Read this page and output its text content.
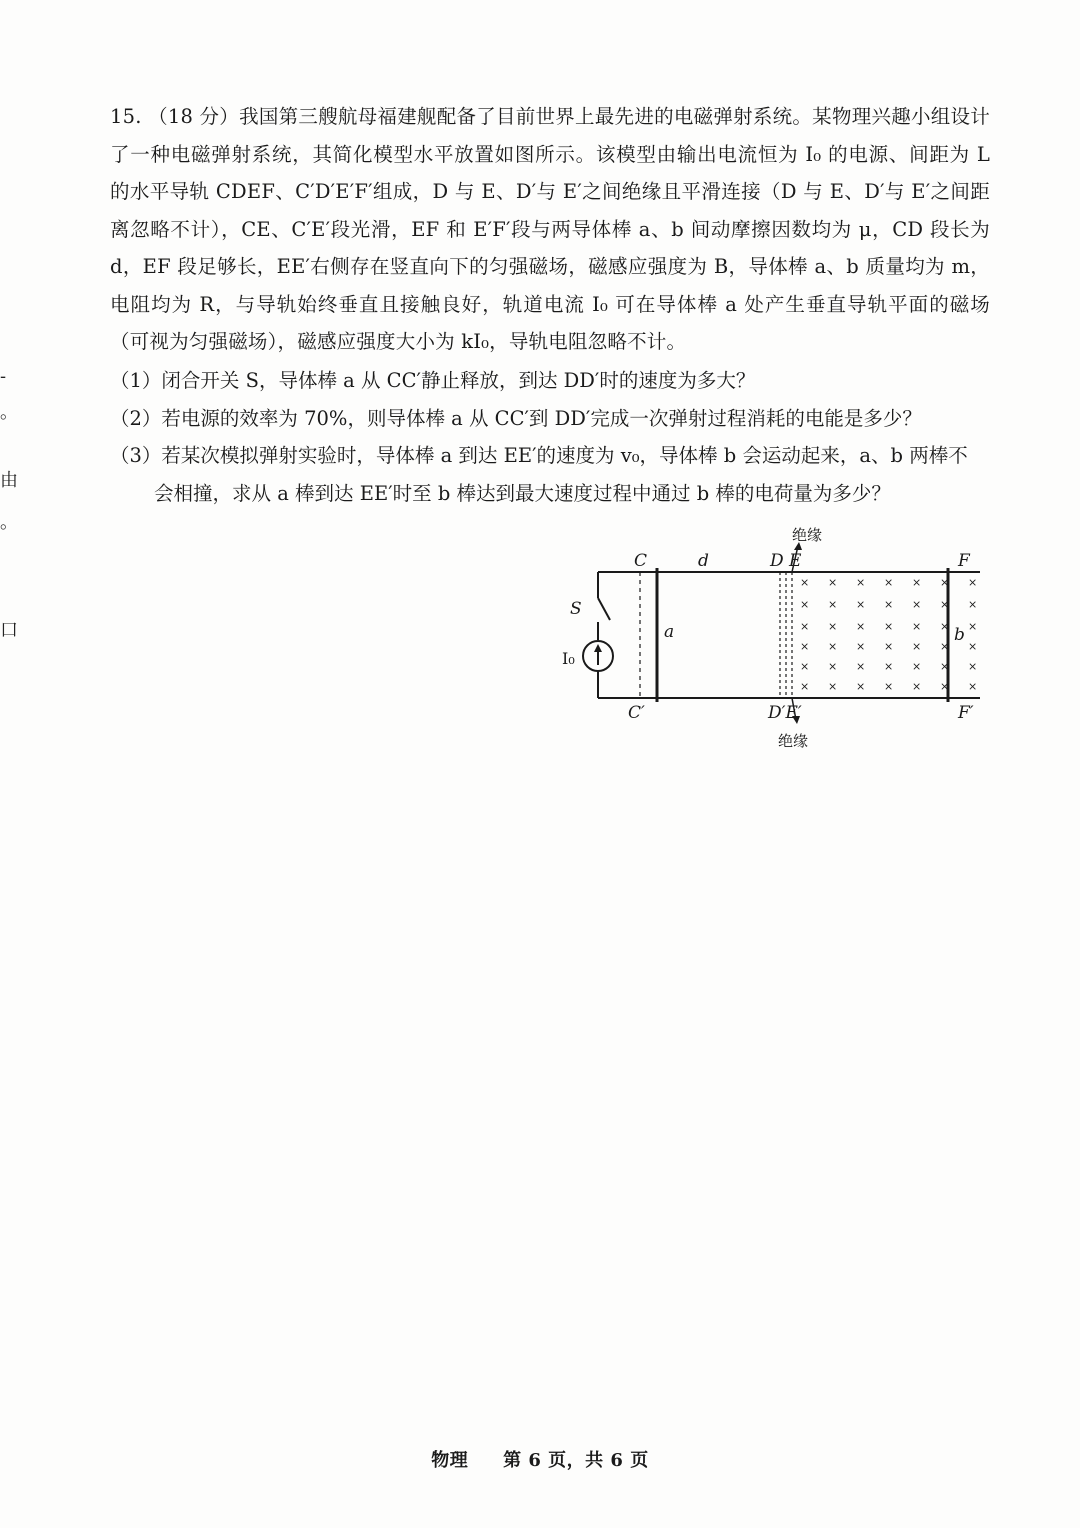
-
。
由
。
口

15. （18 分）我国第三艘航母福建舰配备了目前世界上最先进的电磁弹射系统。某物理兴趣小组设计了一种电磁弹射系统，其简化模型水平放置如图所示。该模型由输出电流恒为 I₀ 的电源、间距为 L 的水平导轨 CDEF、C′D′E′F′组成，D 与 E、D′与 E′之间绝缘且平滑连接（D 与 E、D′与 E′之间距离忽略不计），CE、C′E′段光滑，EF 和 E′F′段与两导体棒 a、b 间动摩擦因数均为 μ，CD 段长为 d，EF 段足够长，EE′右侧存在竖直向下的匀强磁场，磁感应强度为 B，导体棒 a、b 质量均为 m，电阻均为 R，与导轨始终垂直且接触良好，轨道电流 I₀ 可在导体棒 a 处产生垂直导轨平面的磁场（可视为匀强磁场），磁感应强度大小为 kI₀，导轨电阻忽略不计。

（1）闭合开关 S，导体棒 a 从 CC′静止释放，到达 DD′时的速度为多大？

（2）若电源的效率为 70%，则导体棒 a 从 CC′到 DD′完成一次弹射过程消耗的电能是多少？

（3）若某次模拟弹射实验时，导体棒 a 到达 EE′的速度为 v₀，导体棒 b 会运动起来，a、b 两棒不

会相撞，求从 a 棒到达 EE′时至 b 棒达到最大速度过程中通过 b 棒的电荷量为多少？

× × × × × × ×
× × × × × × ×
× × × × × × ×
× × × × × × ×
× × × × × × ×
× × × × × × ×
绝缘
绝缘
C
C′
d	D E
D′E′
F
F′
S
I₀
a	b
物理 第 6 页，共 6 页
